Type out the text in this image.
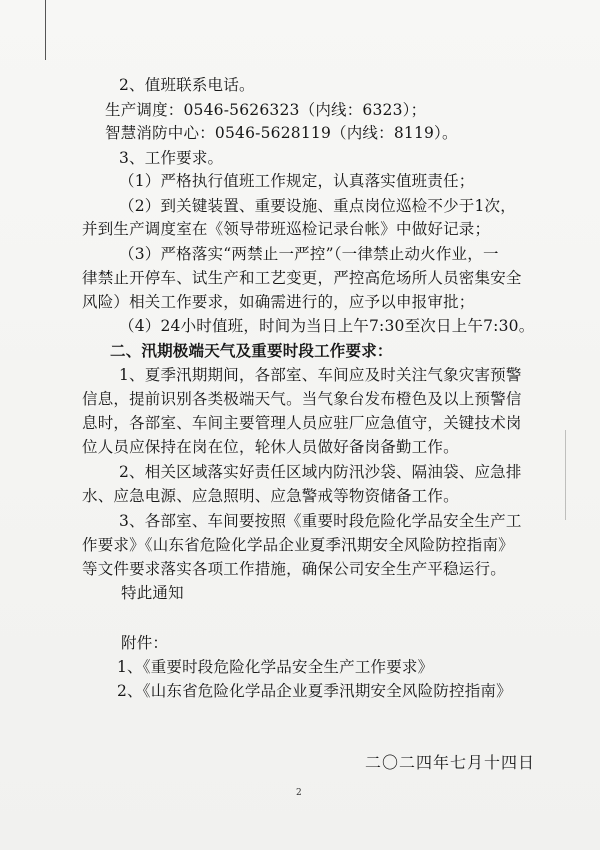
2、值班联系电话。
生产调度：0546-5626323（内线：6323）；
智慧消防中心：0546-5628119（内线：8119）。
3、工作要求。
（1）严格执行值班工作规定，认真落实值班责任；
（2）到关键装置、重要设施、重点岗位巡检不少于1次，
并到生产调度室在《领导带班巡检记录台帐》中做好记录；
（3）严格落实“两禁止一严控”（一律禁止动火作业，一
律禁止开停车、试生产和工艺变更，严控高危场所人员密集安全
风险）相关工作要求，如确需进行的，应予以申报审批；
（4）24小时值班，时间为当日上午7:30至次日上午7:30。
二、汛期极端天气及重要时段工作要求：
1、夏季汛期期间，各部室、车间应及时关注气象灾害预警
信息，提前识别各类极端天气。当气象台发布橙色及以上预警信
息时，各部室、车间主要管理人员应驻厂应急值守，关键技术岗
位人员应保持在岗在位，轮休人员做好备岗备勤工作。
2、相关区域落实好责任区域内防汛沙袋、隔油袋、应急排
水、应急电源、应急照明、应急警戒等物资储备工作。
3、各部室、车间要按照《重要时段危险化学品安全生产工
作要求》《山东省危险化学品企业夏季汛期安全风险防控指南》
等文件要求落实各项工作措施，确保公司安全生产平稳运行。
特此通知
附件：
1、《重要时段危险化学品安全生产工作要求》
2、《山东省危险化学品企业夏季汛期安全风险防控指南》
二〇二四年七月十四日
2
